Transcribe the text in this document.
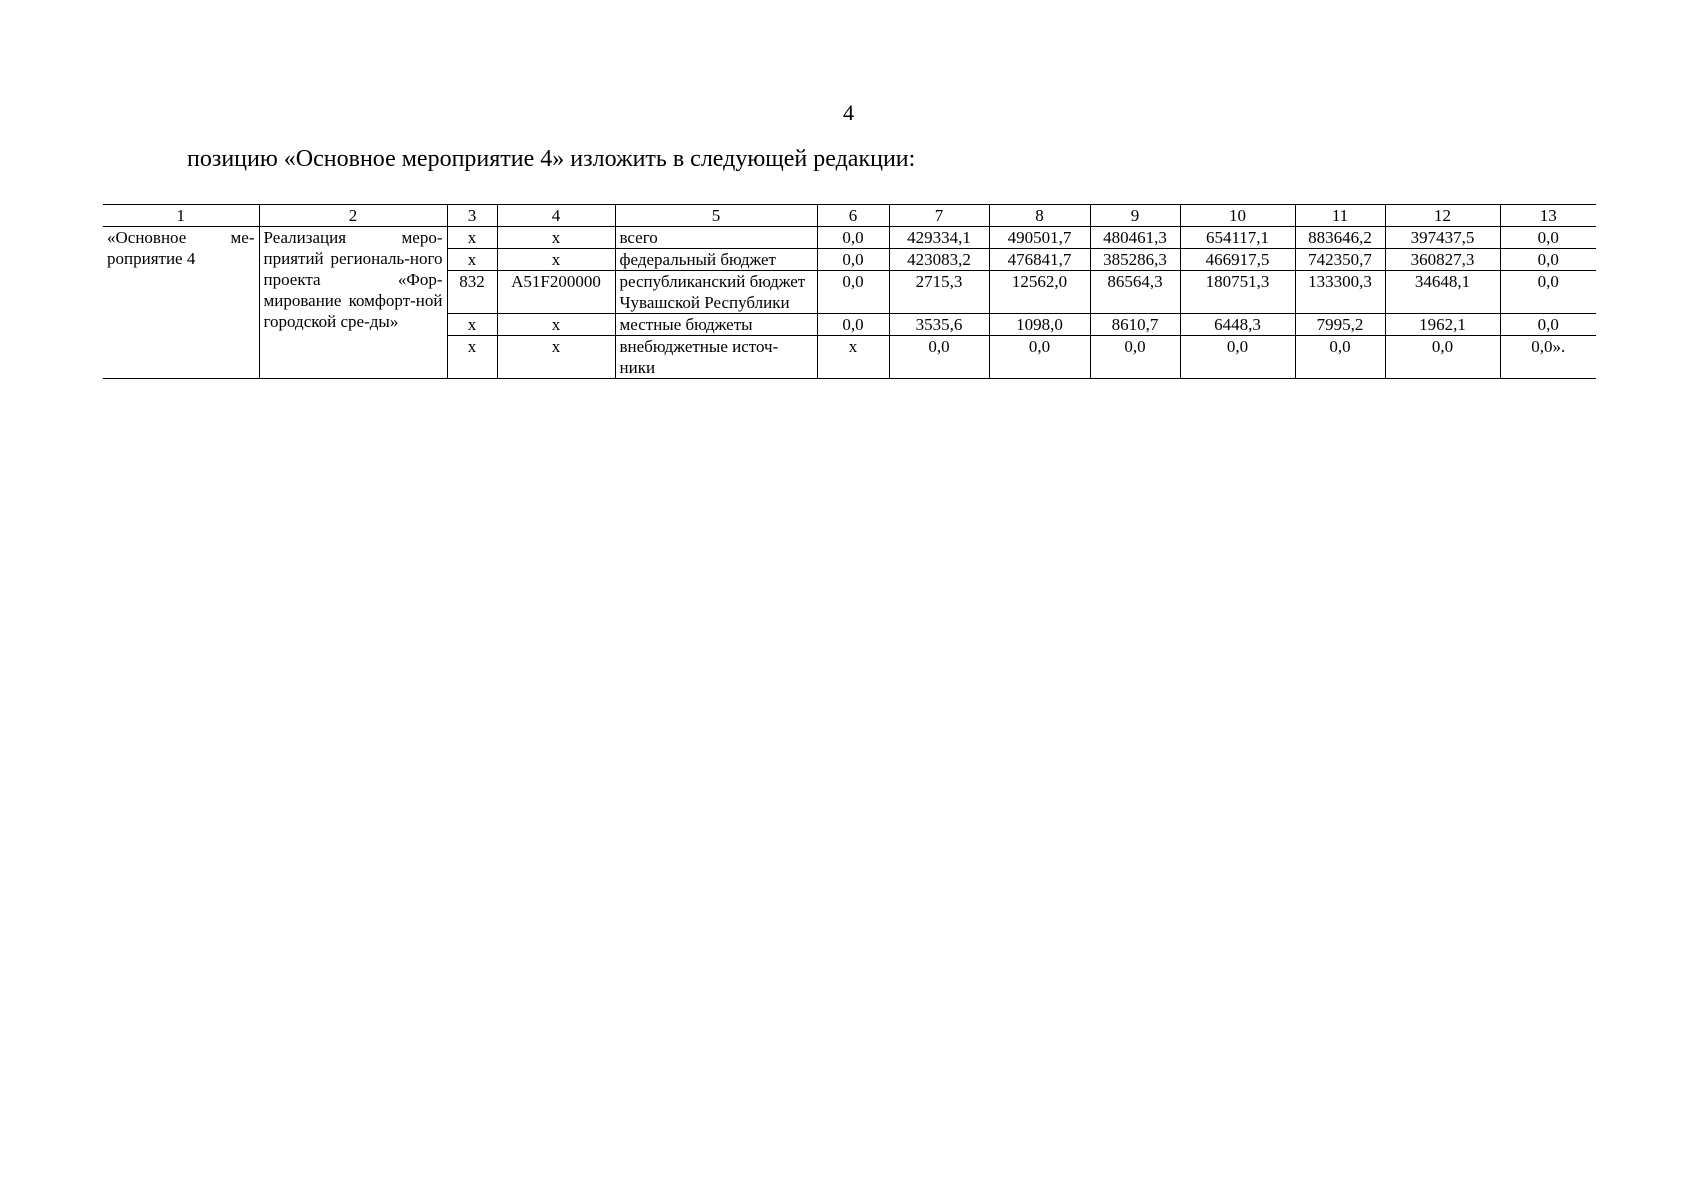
4
позицию «Основное мероприятие 4» изложить в следующей редакции:
1	2	3	4	5	6	7	8	9	10	11	12	13
«Основное ме-роприятие 4	Реализация меро-приятий региональ-ного проекта «Фор-мирование комфорт-ной городской сре-ды»	х	х	всего	0,0	429334,1	490501,7	480461,3	654117,1	883646,2	397437,5	0,0
		х	х	федеральный бюджет	0,0	423083,2	476841,7	385286,3	466917,5	742350,7	360827,3	0,0
		832	A51F200000	республиканский бюджет Чувашской Республики	0,0	2715,3	12562,0	86564,3	180751,3	133300,3	34648,1	0,0
		х	х	местные бюджеты	0,0	3535,6	1098,0	8610,7	6448,3	7995,2	1962,1	0,0
		х	х	внебюджетные источ-ники	х	0,0	0,0	0,0	0,0	0,0	0,0	0,0».
